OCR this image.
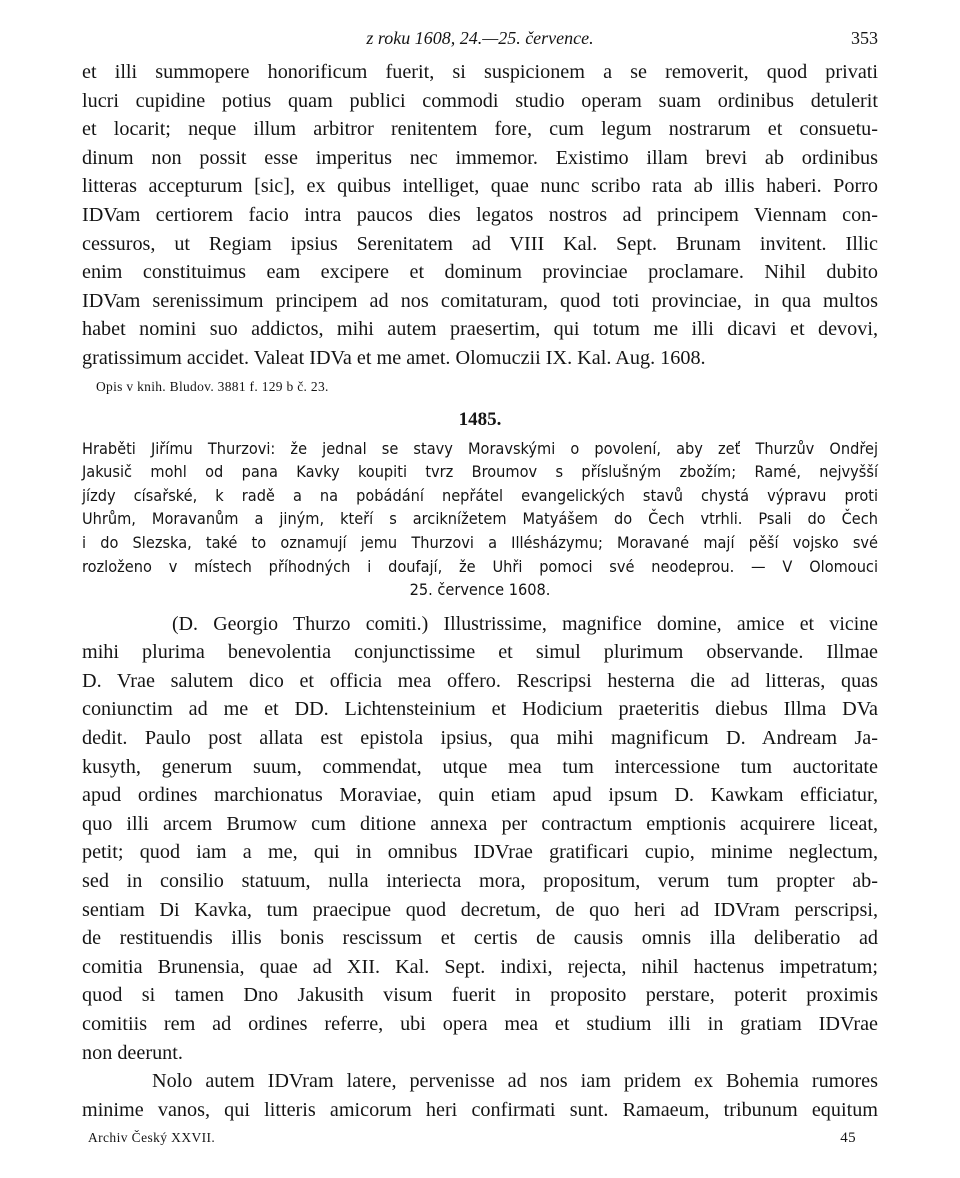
z roku 1608, 24.—25. července.	353
et illi summopere honorificum fuerit, si suspicionem a se removerit, quod privati
lucri cupidine potius quam publici commodi studio operam suam ordinibus detulerit
et locarit; neque illum arbitror renitentem fore, cum legum nostrarum et consuetu-
dinum non possit esse imperitus nec immemor. Existimo illam brevi ab ordinibus
litteras accepturum [sic], ex quibus intelliget, quae nunc scribo rata ab illis haberi. Porro
IDVam certiorem facio intra paucos dies legatos nostros ad principem Viennam con-
cessuros, ut Regiam ipsius Serenitatem ad VIII Kal. Sept. Brunam invitent. Illic
enim constituimus eam excipere et dominum provinciae proclamare. Nihil dubito
IDVam serenissimum principem ad nos comitaturam, quod toti provinciae, in qua multos
habet nomini suo addictos, mihi autem praesertim, qui totum me illi dicavi et devovi,
gratissimum accidet. Valeat IDVa et me amet. Olomuczii IX. Kal. Aug. 1608.
Opis v knih. Bludov. 3881 f. 129 b č. 23.
1485.
Hraběti Jiřímu Thurzovi: že jednal se stavy Moravskými o povolení, aby zeť Thurzův Ondřej
Jakusič mohl od pana Kavky koupiti tvrz Broumov s příslušným zbožím; Ramé, nejvyšší
jízdy císařské, k radě a na pobádání nepřátel evangelických stavů chystá výpravu proti
Uhrům, Moravanům a jiným, kteří s arciknížetem Matyášem do Čech vtrhli. Psali do Čech
i do Slezska, také to oznamují jemu Thurzovi a Illésházymu; Moravané mají pěší vojsko své
rozloženo v místech příhodných i doufají, že Uhři pomoci své neodeprou. — V Olomouci
25. července 1608.
(D. Georgio Thurzo comiti.) Illustrissime, magnifice domine, amice et vicine
mihi plurima benevolentia conjunctissime et simul plurimum observande. Illmae
D. Vrae salutem dico et officia mea offero. Rescripsi hesterna die ad litteras, quas
coniunctim ad me et DD. Lichtensteinium et Hodicium praeteritis diebus Illma DVa
dedit. Paulo post allata est epistola ipsius, qua mihi magnificum D. Andream Ja-
kusyth, generum suum, commendat, utque mea tum intercessione tum auctoritate
apud ordines marchionatus Moraviae, quin etiam apud ipsum D. Kawkam efficiatur,
quo illi arcem Brumow cum ditione annexa per contractum emptionis acquirere liceat,
petit; quod iam a me, qui in omnibus IDVrae gratificari cupio, minime neglectum,
sed in consilio statuum, nulla interiecta mora, propositum, verum tum propter ab-
sentiam Di Kavka, tum praecipue quod decretum, de quo heri ad IDVram perscripsi,
de restituendis illis bonis rescissum et certis de causis omnis illa deliberatio ad
comitia Brunensia, quae ad XII. Kal. Sept. indixi, rejecta, nihil hactenus impetratum;
quod si tamen Dno Jakusith visum fuerit in proposito perstare, poterit proximis
comitiis rem ad ordines referre, ubi opera mea et studium illi in gratiam IDVrae
non deerunt.
Nolo autem IDVram latere, pervenisse ad nos iam pridem ex Bohemia rumores
minime vanos, qui litteris amicorum heri confirmati sunt. Ramaeum, tribunum equitum
Archiv Český XXVII.	45
